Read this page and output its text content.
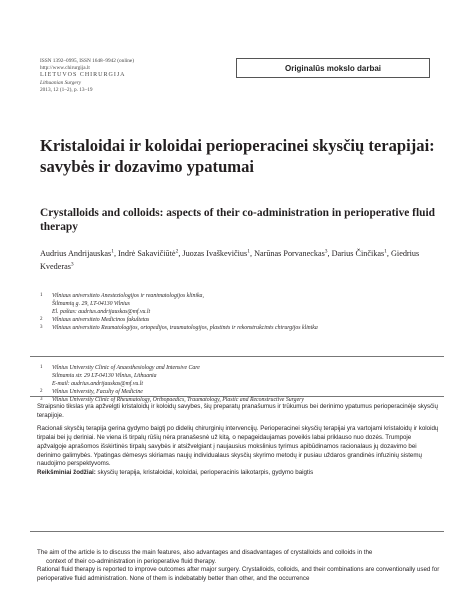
ISSN 1392–0995, ISSN 1648–9942 (online)
http://www.chirurgija.lt
LIETUVOS CHIRURGIJA
Lithuanian Surgery
2013, 12 (1–2), p. 13–19
Originalūs mokslo darbai
Kristaloidai ir koloidai perioperacinei skysčių terapijai: savybės ir dozavimo ypatumai
Crystalloids and colloids: aspects of their co-administration in perioperative fluid therapy
Audrius Andrijauskas$^1$, Indrė Sakavičiūtė$^2$, Juozas Ivaškevičius$^1$, Narūnas Porvaneckas$^3$, Darius Činčikas$^1$, Giedrius Kvederas$^3$
1	Vilniaus universiteto Anesteziologijos ir reanimatologijos klinika,
Šiltnamių g. 29, LT-04130 Vilnius
El. paštas: audrius.andrijauskas@mf.vu.lt
2	Vilniaus universiteto Medicinos fakultetas
3	Vilniaus universiteto Reumatologijos, ortopedijos, traumatologijos, plastinės ir rekonstrukcinės chirurgijos klinika
1	Vilnius University Clinic of Anaesthesiology and Intensive Care
Siltnamiu str. 29 LT-04130 Vilnius, Lithuania
E-mail: audrius.andrijauskas@mf.vu.lt
2	Vilnius University, Faculty of Medicine
3	Vilnius University Clinic of Rheumatology, Orthopaedics, Traumatology, Plastic and Reconstructive Surgery

Straipsnio tikslas yra apžvelgti kristaloidų ir koloidų savybes, šių preparatų pranašumus ir trūkumus bei derinimo ypatumus perioperacinėje skysčių terapijoje.

Racionali skysčių terapija gerina gydymo baigtį po didelių chirurginių intervencijų. Perioperacinei skysčių terapijai yra vartojami kristaloidų ir koloidų tirpalai bei jų deriniai. Ne viena iš tirpalų rūšių nėra pranašesnė už kitą, o nepageidaujamas poveikis labai priklauso nuo dozės. Trumpoje apžvalgoje aprašomos išskirtinės tirpalų savybės ir atsižvelgiant į naujausius mokslinius tyrimus apibūdinamos racionalaus jų dozavimo bei derinimo galimybės. Ypatingas dėmesys skiriamas naujų individualaus skysčių skyrimo metodų ir pusiau uždaros grandinės infuzinių sistemų naudojimo perspektyvoms.

Reikšminiai žodžiai: skysčių terapija, kristaloidai, koloidai, perioperacinis laikotarpis, gydymo baigtis

The aim of the article is to discuss the main features, also advantages and disadvantages of crystalloids and colloids in the

context of their co-administration in perioperative fluid therapy.

Rational fluid therapy is reported to improve outcomes after major surgery. Crystalloids, colloids, and their combinations are conventionally used for perioperative fluid administration. None of them is indebatably better than other, and the occurrence
